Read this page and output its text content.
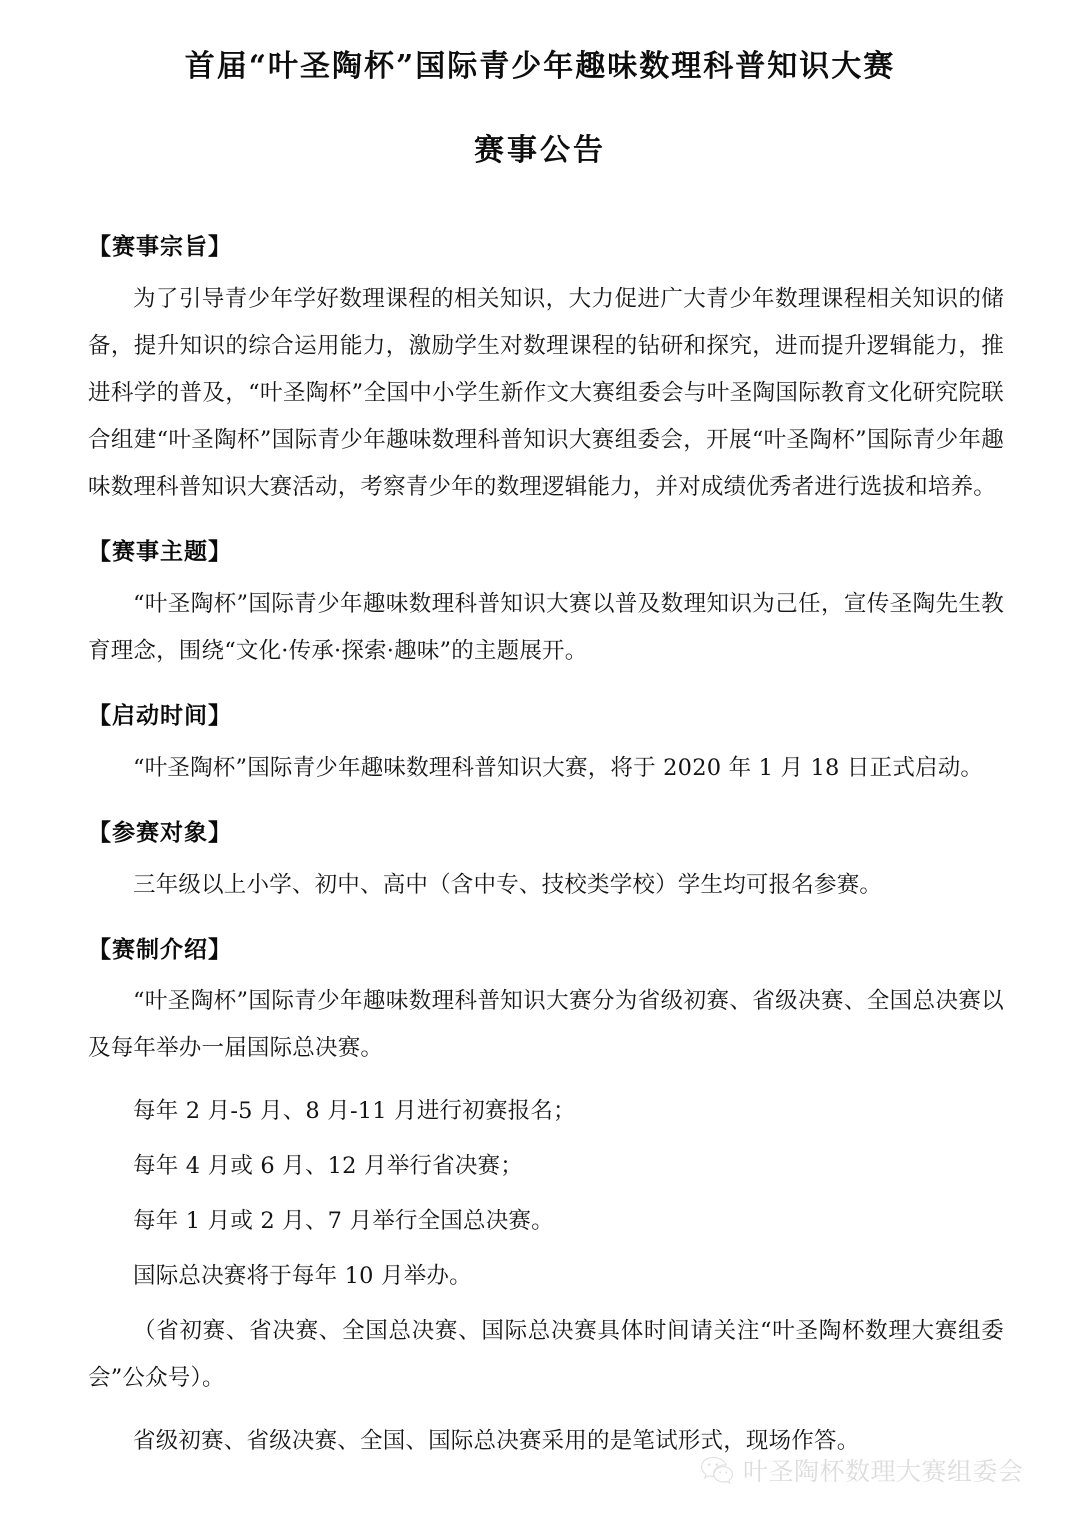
首届“叶圣陶杯”国际青少年趣味数理科普知识大赛
赛事公告
【赛事宗旨】

为了引导青少年学好数理课程的相关知识，大力促进广大青少年数理课程相关知识的储备，提升知识的综合运用能力，激励学生对数理课程的钻研和探究，进而提升逻辑能力，推进科学的普及，“叶圣陶杯”全国中小学生新作文大赛组委会与叶圣陶国际教育文化研究院联合组建“叶圣陶杯”国际青少年趣味数理科普知识大赛组委会，开展“叶圣陶杯”国际青少年趣味数理科普知识大赛活动，考察青少年的数理逻辑能力，并对成绩优秀者进行选拔和培养。

【赛事主题】

“叶圣陶杯”国际青少年趣味数理科普知识大赛以普及数理知识为己任，宣传圣陶先生教育理念，围绕“文化·传承·探索·趣味”的主题展开。

【启动时间】

“叶圣陶杯”国际青少年趣味数理科普知识大赛，将于 2020 年 1 月 18 日正式启动。

【参赛对象】

三年级以上小学、初中、高中（含中专、技校类学校）学生均可报名参赛。

【赛制介绍】

“叶圣陶杯”国际青少年趣味数理科普知识大赛分为省级初赛、省级决赛、全国总决赛以及每年举办一届国际总决赛。

每年 2 月-5 月、8 月-11 月进行初赛报名；

每年 4 月或 6 月、12 月举行省决赛；

每年 1 月或 2 月、7 月举行全国总决赛。

国际总决赛将于每年 10 月举办。

（省初赛、省决赛、全国总决赛、国际总决赛具体时间请关注“叶圣陶杯数理大赛组委会”公众号）。

省级初赛、省级决赛、全国、国际总决赛采用的是笔试形式，现场作答。

叶圣陶杯数理大赛组委会
